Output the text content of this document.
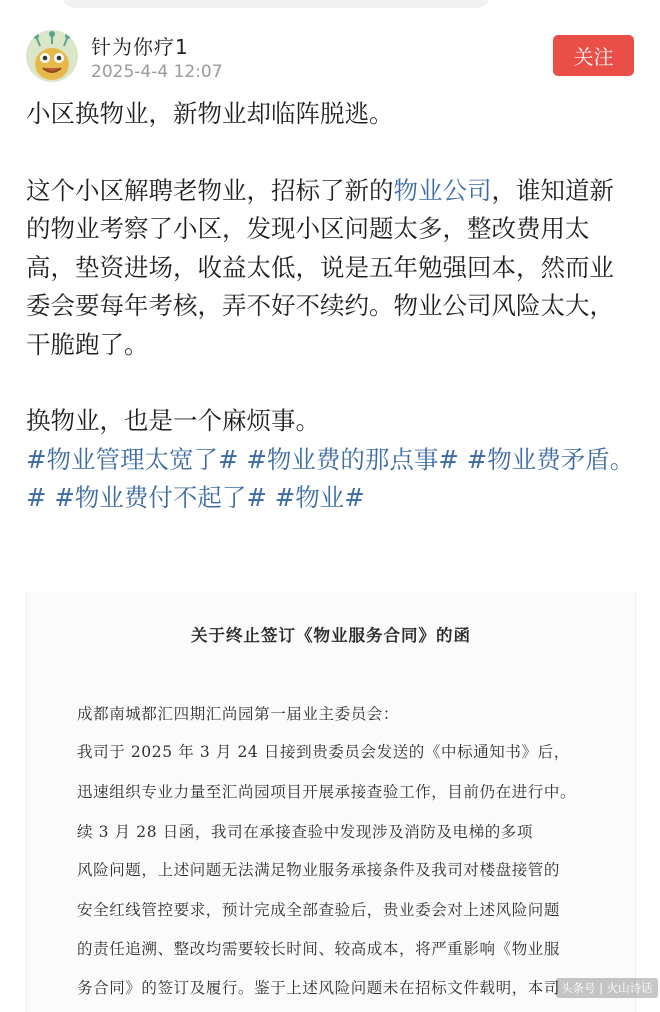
针为你疗1
2025-4-4 12:07
关注

小区换物业，新物业却临阵脱逃。

这个小区解聘老物业，招标了新的物业公司，谁知道新的物业考察了小区，发现小区问题太多，整改费用太高，垫资进场，收益太低，说是五年勉强回本，然而业委会要每年考核，弄不好不续约。物业公司风险太大，干脆跑了。

换物业，也是一个麻烦事。

#物业管理太宽了# #物业费的那点事# #物业费矛盾。# #物业费付不起了# #物业#

关于终止签订《物业服务合同》的函
成都南城都汇四期汇尚园第一届业主委员会：
我司于 2025 年 3 月 24 日接到贵委员会发送的《中标通知书》后，
迅速组织专业力量至汇尚园项目开展承接查验工作，目前仍在进行中。
续 3 月 28 日函，我司在承接查验中发现涉及消防及电梯的多项
风险问题，上述问题无法满足物业服务承接条件及我司对楼盘接管的
安全红线管控要求，预计完成全部查验后，贵业委会对上述风险问题
的责任追溯、整改均需要较长时间、较高成本，将严重影响《物业服
务合同》的签订及履行。鉴于上述风险问题未在招标文件载明，本司 头条号 | 火山诗话
